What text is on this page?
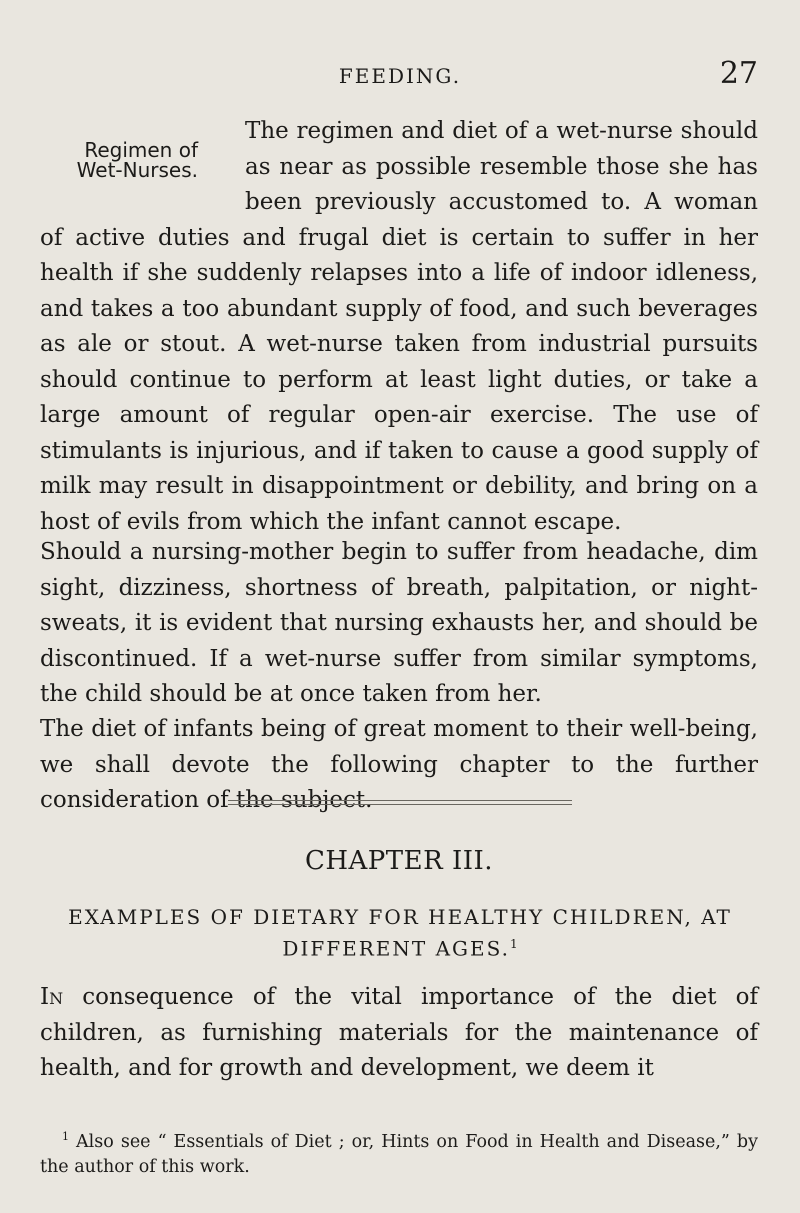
FEEDING.	27
Regimen of
Wet-Nurses.

The regimen and diet of a wet-nurse should as near as possible resemble those she has been previously accustomed to. A woman of active duties and frugal diet is certain to suffer in her health if she suddenly relapses into a life of indoor idleness, and takes a too abundant supply of food, and such beverages as ale or stout. A wet-nurse taken from industrial pursuits should continue to perform at least light duties, or take a large amount of regular open-air exercise. The use of stimulants is injurious, and if taken to cause a good supply of milk may result in disappointment or debility, and bring on a host of evils from which the infant cannot escape.

Should a nursing-mother begin to suffer from headache, dim sight, dizziness, shortness of breath, palpitation, or night-sweats, it is evident that nursing exhausts her, and should be discontinued. If a wet-nurse suffer from similar symptoms, the child should be at once taken from her.

The diet of infants being of great moment to their well-being, we shall devote the following chapter to the further consideration of the subject.

CHAPTER III.
EXAMPLES OF DIETARY FOR HEALTHY CHILDREN, AT DIFFERENT AGES.$^1$

In consequence of the vital importance of the diet of children, as furnishing materials for the maintenance of health, and for growth and development, we deem it

$^1$ Also see “ Essentials of Diet ; or, Hints on Food in Health and Disease,” by the author of this work.
